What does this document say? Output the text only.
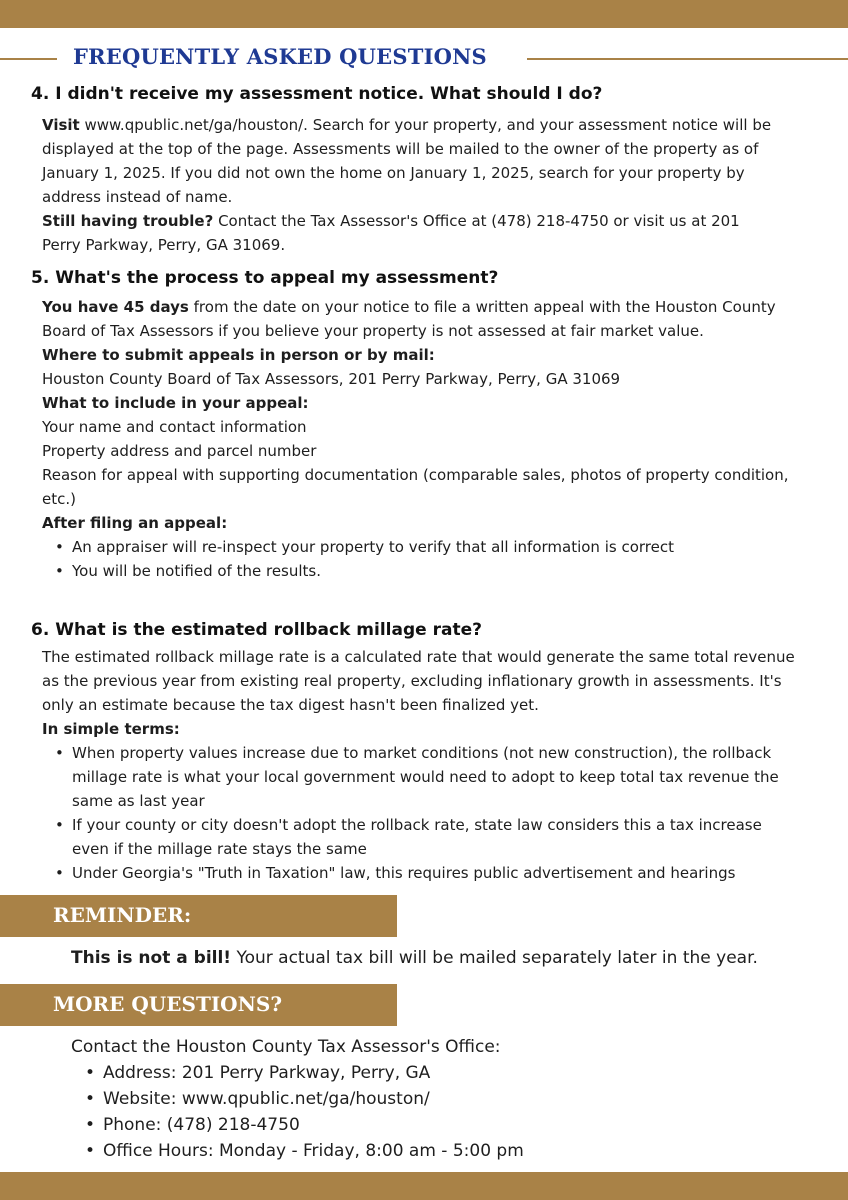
FREQUENTLY ASKED QUESTIONS
4. I didn't receive my assessment notice. What should I do?

Visit www.qpublic.net/ga/houston/. Search for your property, and your assessment notice will be displayed at the top of the page. Assessments will be mailed to the owner of the property as of January 1, 2025. If you did not own the home on January 1, 2025, search for your property by address instead of name.

Still having trouble? Contact the Tax Assessor's Office at (478) 218-4750 or visit us at 201 Perry Parkway, Perry, GA 31069.

5. What's the process to appeal my assessment?

You have 45 days from the date on your notice to file a written appeal with the Houston County Board of Tax Assessors if you believe your property is not assessed at fair market value.

Where to submit appeals in person or by mail:

Houston County Board of Tax Assessors, 201 Perry Parkway, Perry, GA 31069

What to include in your appeal:

Your name and contact information

Property address and parcel number

Reason for appeal with supporting documentation (comparable sales, photos of property condition, etc.)

After filing an appeal:

• An appraiser will re-inspect your property to verify that all information is correct
• You will be notified of the results.
6. What is the estimated rollback millage rate?

The estimated rollback millage rate is a calculated rate that would generate the same total revenue as the previous year from existing real property, excluding inflationary growth in assessments. It's only an estimate because the tax digest hasn't been finalized yet.

In simple terms:

• When property values increase due to market conditions (not new construction), the rollback millage rate is what your local government would need to adopt to keep total tax revenue the same as last year
• If your county or city doesn't adopt the rollback rate, state law considers this a tax increase even if the millage rate stays the same
• Under Georgia's "Truth in Taxation" law, this requires public advertisement and hearings
REMINDER:
This is not a bill! Your actual tax bill will be mailed separately later in the year.
MORE QUESTIONS?

Contact the Houston County Tax Assessor's Office:

• Address: 201 Perry Parkway, Perry, GA
• Website: www.qpublic.net/ga/houston/
• Phone: (478) 218-4750
• Office Hours: Monday - Friday, 8:00 am - 5:00 pm
